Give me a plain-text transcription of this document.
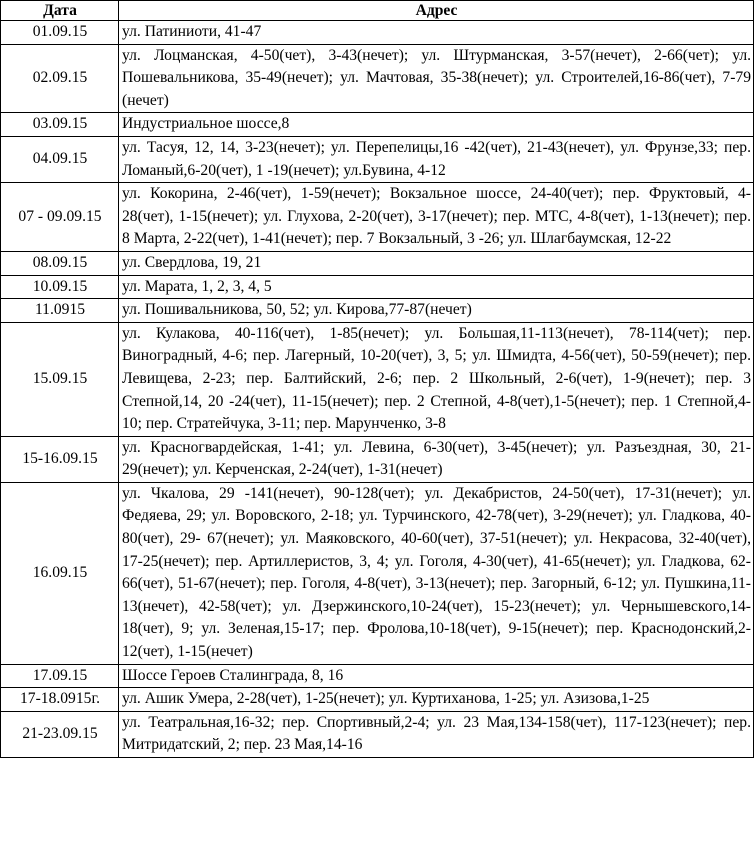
Дата	Адрес
01.09.15	ул. Патиниоти, 41-47
02.09.15	ул. Лоцманская, 4-50(чет), 3-43(нечет); ул. Штурманская, 3-57(нечет), 2-66(чет); ул. Пошевальникова, 35-49(нечет); ул. Мачтовая, 35-38(нечет); ул. Строителей,16-86(чет), 7-79 (нечет)
03.09.15	Индустриальное шоссе,8
04.09.15	ул. Тасуя, 12, 14, 3-23(нечет); ул. Перепелицы,16 -42(чет), 21-43(нечет), ул. Фрунзе,33; пер. Ломаный,6-20(чет), 1 -19(нечет); ул.Бувина, 4-12
07 - 09.09.15	ул. Кокорина, 2-46(чет), 1-59(нечет); Вокзальное шоссе, 24-40(чет); пер. Фруктовый, 4-28(чет), 1-15(нечет); ул. Глухова, 2-20(чет), 3-17(нечет); пер. МТС, 4-8(чет), 1-13(нечет); пер. 8 Марта, 2-22(чет), 1-41(нечет); пер. 7 Вокзальный, 3 -26; ул. Шлагбаумская, 12-22
08.09.15	ул. Свердлова, 19, 21
10.09.15	ул. Марата, 1, 2, 3, 4, 5
11.0915	ул. Пошивальникова, 50, 52; ул. Кирова,77-87(нечет)
15.09.15	ул. Кулакова, 40-116(чет), 1-85(нечет); ул. Большая,11-113(нечет), 78-114(чет); пер. Виноградный, 4-6; пер. Лагерный, 10-20(чет), 3, 5; ул. Шмидта, 4-56(чет), 50-59(нечет); пер. Левищева, 2-23; пер. Балтийский, 2-6; пер. 2 Школьный, 2-6(чет), 1-9(нечет); пер. 3 Степной,14, 20 -24(чет), 11-15(нечет); пер. 2 Степной, 4-8(чет),1-5(нечет); пер. 1 Степной,4-10; пер. Стратейчука, 3-11; пер. Марунченко, 3-8
15-16.09.15	ул. Красногвардейская, 1-41; ул. Левина, 6-30(чет), 3-45(нечет); ул. Разъездная, 30, 21-29(нечет); ул. Керченская, 2-24(чет), 1-31(нечет)
16.09.15	ул. Чкалова, 29 -141(нечет), 90-128(чет); ул. Декабристов, 24-50(чет), 17-31(нечет); ул. Федяева, 29; ул. Воровского, 2-18; ул. Турчинского, 42-78(чет), 3-29(нечет); ул. Гладкова, 40- 80(чет), 29- 67(нечет); ул. Маяковского, 40-60(чет), 37-51(нечет); ул. Некрасова, 32-40(чет), 17-25(нечет); пер. Артиллеристов, 3, 4; ул. Гоголя, 4-30(чет), 41-65(нечет); ул. Гладкова, 62-66(чет), 51-67(нечет); пер. Гоголя, 4-8(чет), 3-13(нечет); пер. Загорный, 6-12; ул. Пушкина,11-13(нечет), 42-58(чет); ул. Дзержинского,10-24(чет), 15-23(нечет); ул. Чернышевского,14-18(чет), 9; ул. Зеленая,15-17; пер. Фролова,10-18(чет), 9-15(нечет); пер. Краснодонский,2-12(чет), 1-15(нечет)
17.09.15	Шоссе Героев Сталинграда, 8, 16
17-18.0915г.	ул. Ашик Умера, 2-28(чет), 1-25(нечет); ул. Куртиханова, 1-25; ул. Азизова,1-25
21-23.09.15	ул. Театральная,16-32; пер. Спортивный,2-4; ул. 23 Мая,134-158(чет), 117-123(нечет); пер. Митридатский, 2; пер. 23 Мая,14-16
